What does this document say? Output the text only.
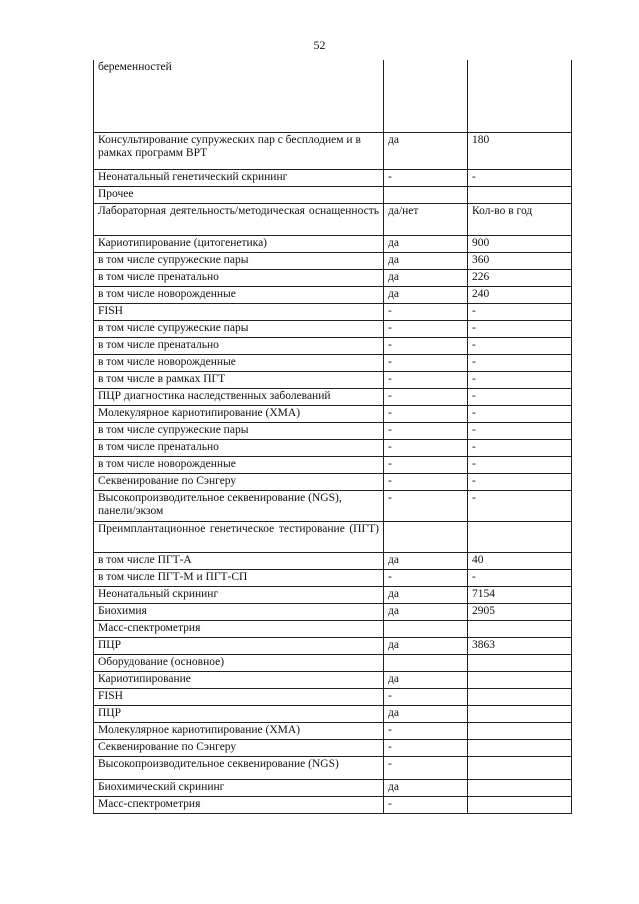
52
беременностей		
Консультирование супружеских пар с бесплодием и в рамках программ ВРТ	да	180
Неонатальный генетический скрининг	-	-
Прочее		
Лабораторная деятельность/методическая оснащенность	да/нет	Кол-во в год
Кариотипирование (цитогенетика)	да	900
в том числе супружеские пары	да	360
в том числе пренатально	да	226
в том числе новорожденные	да	240
FISH	-	-
в том числе супружеские пары	-	-
в том числе пренатально	-	-
в том числе новорожденные	-	-
в том числе в рамках ПГТ	-	-
ПЦР диагностика наследственных заболеваний	-	-
Молекулярное кариотипирование (ХМА)	-	-
в том числе супружеские пары	-	-
в том числе пренатально	-	-
в том числе новорожденные	-	-
Секвенирование по Сэнгеру	-	-
Высокопроизводительное секвенирование (NGS), панели/экзом	-	-
Преимплантационное генетическое тестирование (ПГТ)		
в том числе ПГТ-А	да	40
в том числе ПГТ-М и ПГТ-СП	-	-
Неонатальный скрининг	да	7154
Биохимия	да	2905
Масс-спектрометрия		
ПЦР	да	3863
Оборудование (основное)		
Кариотипирование	да	
FISH	-	
ПЦР	да	
Молекулярное кариотипирование (ХМА)	-	
Секвенирование по Сэнгеру	-	
Высокопроизводительное секвенирование (NGS)	-	
Биохимический скрининг	да	
Масс-спектрометрия	-	
